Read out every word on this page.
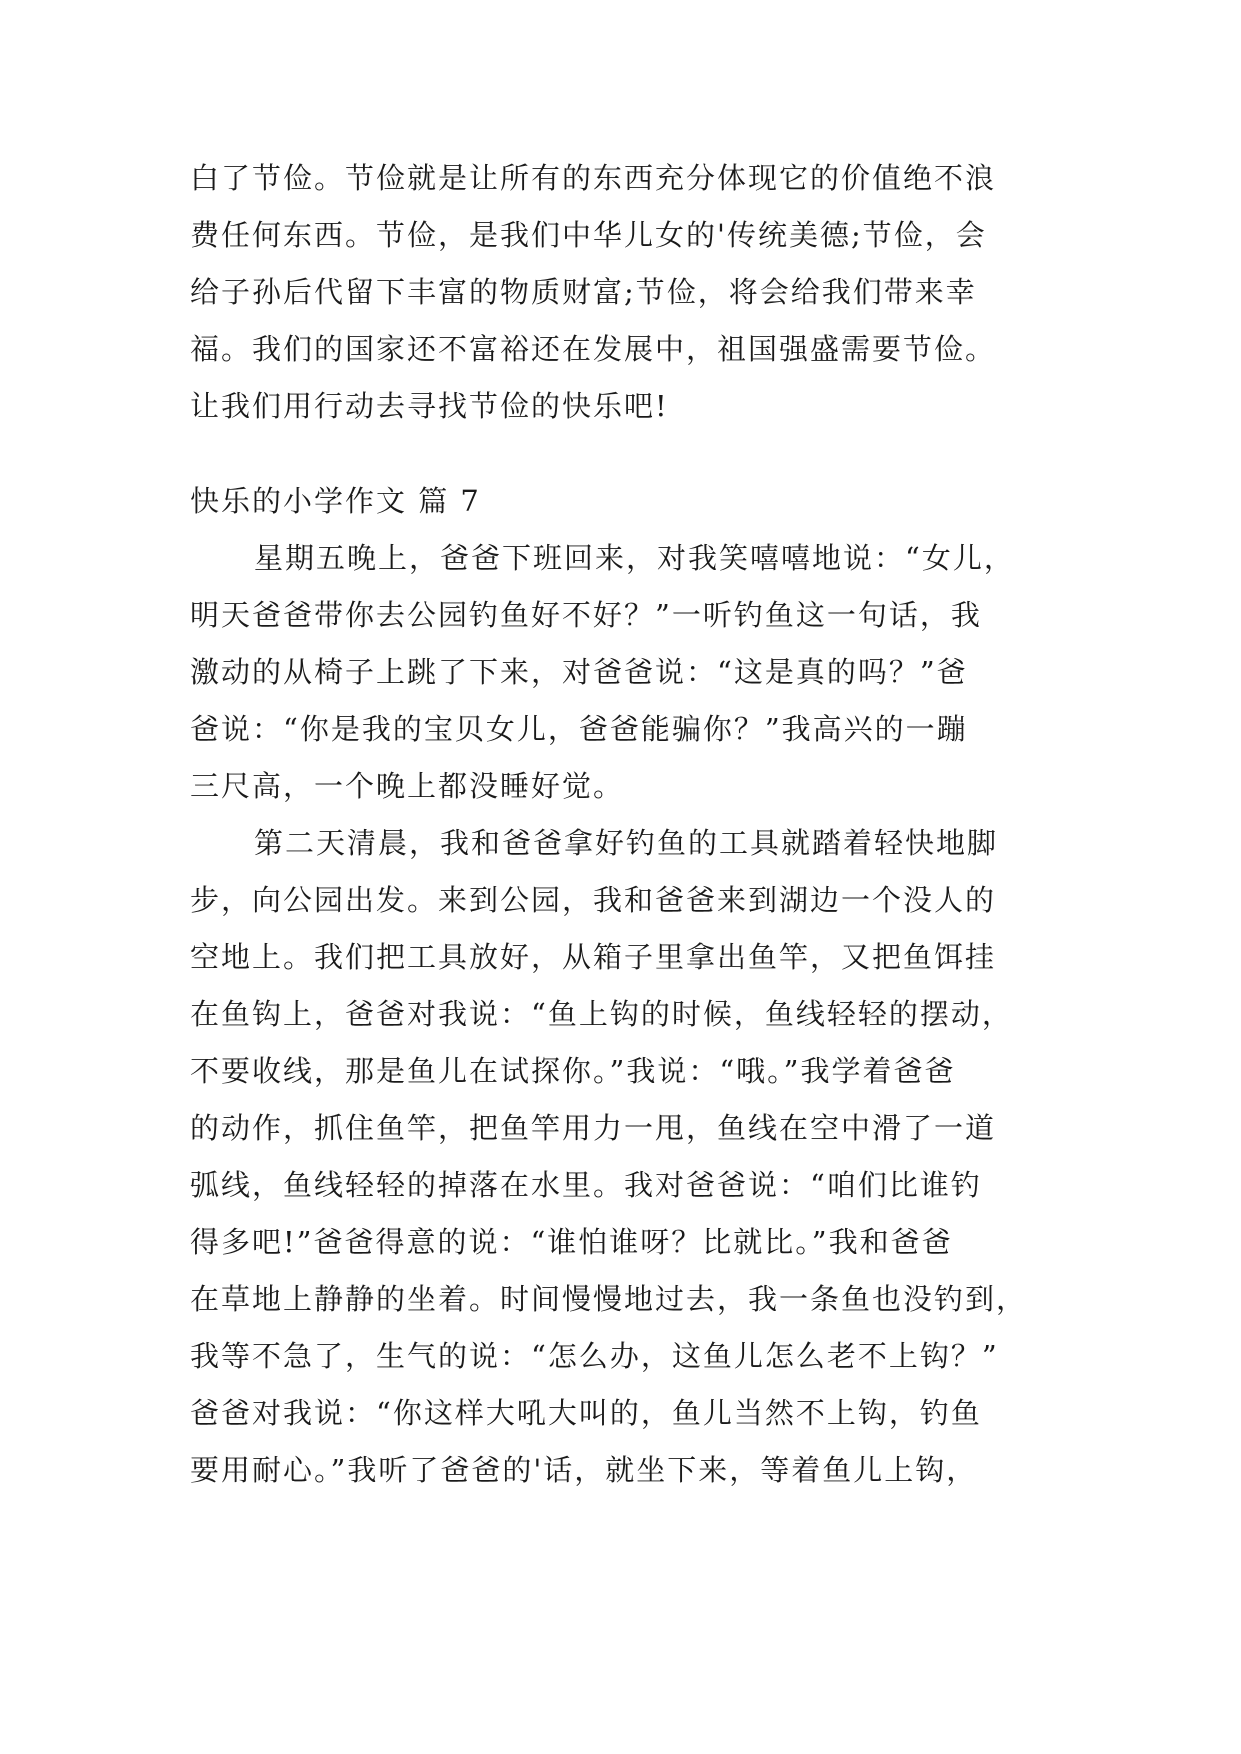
白了节俭。节俭就是让所有的东西充分体现它的价值绝不浪
费任何东西。节俭，是我们中华儿女的'传统美德;节俭，会
给子孙后代留下丰富的物质财富;节俭，将会给我们带来幸
福。我们的国家还不富裕还在发展中，祖国强盛需要节俭。
让我们用行动去寻找节俭的快乐吧!
快乐的小学作文 篇 7
星期五晚上，爸爸下班回来，对我笑嘻嘻地说：“女儿，
明天爸爸带你去公园钓鱼好不好？”一听钓鱼这一句话，我
激动的从椅子上跳了下来，对爸爸说：“这是真的吗？”爸
爸说：“你是我的宝贝女儿，爸爸能骗你？”我高兴的一蹦
三尺高，一个晚上都没睡好觉。
第二天清晨，我和爸爸拿好钓鱼的工具就踏着轻快地脚
步，向公园出发。来到公园，我和爸爸来到湖边一个没人的
空地上。我们把工具放好，从箱子里拿出鱼竿，又把鱼饵挂
在鱼钩上，爸爸对我说：“鱼上钩的时候，鱼线轻轻的摆动，
不要收线，那是鱼儿在试探你。”我说：“哦。”我学着爸爸
的动作，抓住鱼竿，把鱼竿用力一甩，鱼线在空中滑了一道
弧线，鱼线轻轻的掉落在水里。我对爸爸说：“咱们比谁钓
得多吧!”爸爸得意的说：“谁怕谁呀？比就比。”我和爸爸
在草地上静静的坐着。时间慢慢地过去，我一条鱼也没钓到，
我等不急了，生气的说：“怎么办，这鱼儿怎么老不上钩？”
爸爸对我说：“你这样大吼大叫的，鱼儿当然不上钩，钓鱼
要用耐心。”我听了爸爸的'话，就坐下来，等着鱼儿上钩，
